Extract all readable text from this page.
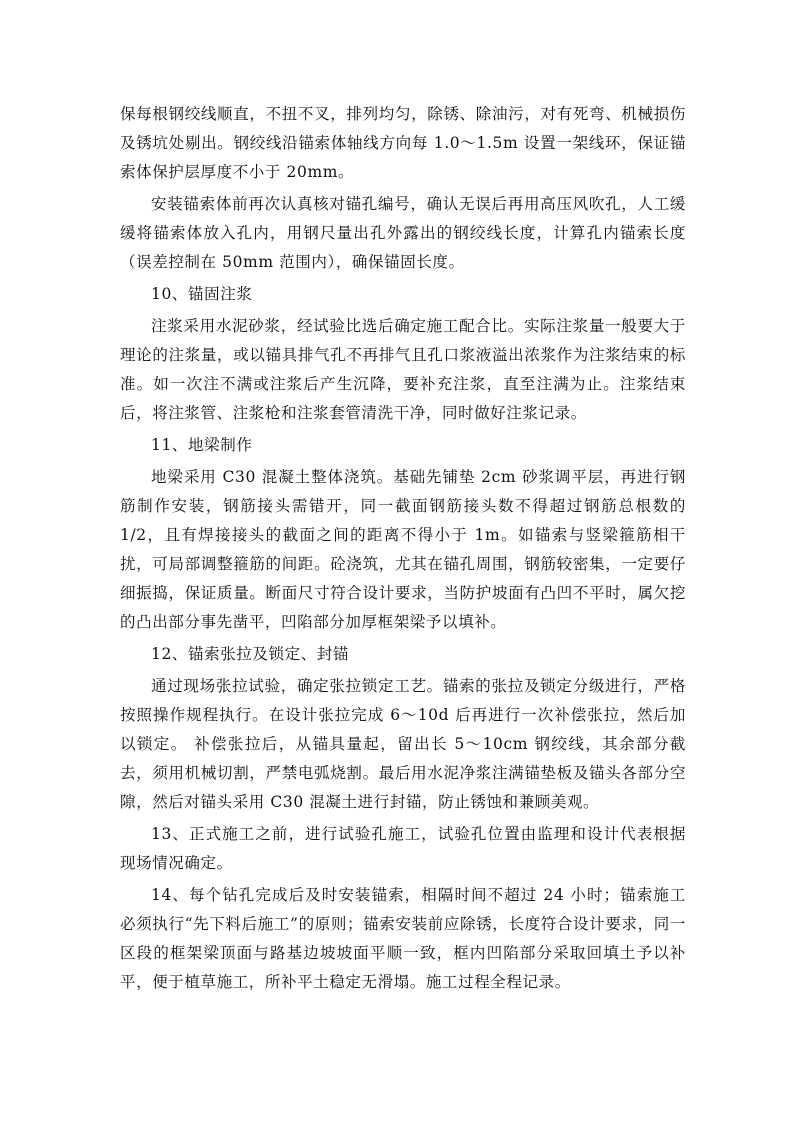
保每根钢绞线顺直，不扭不叉，排列均匀，除锈、除油污，对有死弯、机械损伤及锈坑处剔出。钢绞线沿锚索体轴线方向每 1.0～1.5m 设置一架线环，保证锚索体保护层厚度不小于 20mm。

安装锚索体前再次认真核对锚孔编号，确认无误后再用高压风吹孔，人工缓缓将锚索体放入孔内，用钢尺量出孔外露出的钢绞线长度，计算孔内锚索长度（误差控制在 50mm 范围内），确保锚固长度。

10、锚固注浆

注浆采用水泥砂浆，经试验比选后确定施工配合比。实际注浆量一般要大于理论的注浆量，或以锚具排气孔不再排气且孔口浆液溢出浓浆作为注浆结束的标准。如一次注不满或注浆后产生沉降，要补充注浆，直至注满为止。注浆结束后，将注浆管、注浆枪和注浆套管清洗干净，同时做好注浆记录。

11、地梁制作

地梁采用 C30 混凝土整体浇筑。基础先铺垫 2cm 砂浆调平层，再进行钢筋制作安装，钢筋接头需错开，同一截面钢筋接头数不得超过钢筋总根数的 1/2，且有焊接接头的截面之间的距离不得小于 1m。如锚索与竖梁箍筋相干扰，可局部调整箍筋的间距。砼浇筑，尤其在锚孔周围，钢筋较密集，一定要仔细振捣，保证质量。断面尺寸符合设计要求，当防护坡面有凸凹不平时，属欠挖的凸出部分事先凿平，凹陷部分加厚框架梁予以填补。

12、锚索张拉及锁定、封锚

通过现场张拉试验，确定张拉锁定工艺。锚索的张拉及锁定分级进行，严格按照操作规程执行。在设计张拉完成 6～10d 后再进行一次补偿张拉，然后加以锁定。 补偿张拉后，从锚具量起，留出长 5～10cm 钢绞线，其余部分截去，须用机械切割，严禁电弧烧割。最后用水泥净浆注满锚垫板及锚头各部分空隙，然后对锚头采用 C30 混凝土进行封锚，防止锈蚀和兼顾美观。

13、正式施工之前，进行试验孔施工，试验孔位置由监理和设计代表根据现场情况确定。

14、每个钻孔完成后及时安装锚索，相隔时间不超过 24 小时；锚索施工必须执行“先下料后施工”的原则；锚索安装前应除锈，长度符合设计要求，同一区段的框架梁顶面与路基边坡坡面平顺一致，框内凹陷部分采取回填土予以补平，便于植草施工，所补平土稳定无滑塌。施工过程全程记录。
